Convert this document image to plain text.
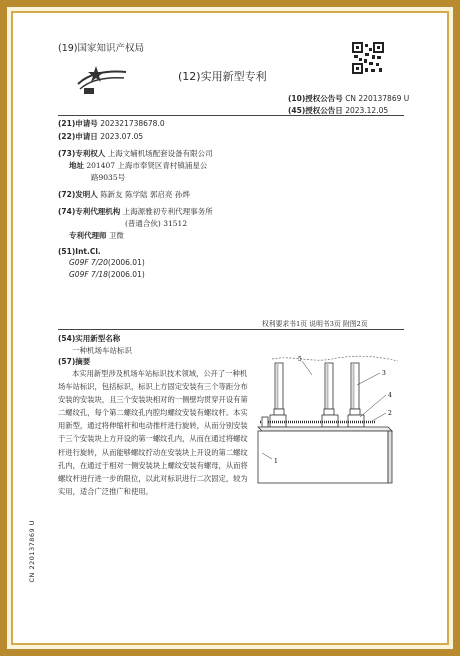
(19)国家知识产权局
(12)实用新型专利
(10)授权公告号 CN 220137869 U
(45)授权公告日 2023.12.05
(21)申请号 202321738678.0
(22)申请日 2023.07.05
(73)专利权人 上海文辅机场配套设备有限公司
地址 201407 上海市奉贤区青村镇浦星公
路9035号
(72)发明人 陈新友 陈学陆 郭启亮 孙烨
(74)专利代理机构 上海源雅初专利代理事务所
(普通合伙) 31512
专利代理师 卫微
(51)Int.Cl.
G09F 7/20(2006.01)
G09F 7/18(2006.01)
权利要求书1页 说明书3页 附图2页
(54)实用新型名称
一种机场车站标识
(57)摘要
本实用新型涉及机场车站标识技术领域，公开了一种机场车站标识，包括标识，标识上方固定安装有三个等距分布安装的安装块，且三个安装块相对的一侧壁均贯穿开设有第二螺纹孔，每个第二螺纹孔内腔均螺纹安装有螺纹杆。本实用新型，通过将伸缩杆和电动推杆进行旋转，从而分别安装于三个安装块上方开设的第一螺纹孔内，从而在通过将螺纹杆进行旋转，从而能够螺纹拧动在安装块上开设的第二螺纹孔内，在通过于相对一侧安装块上螺纹安装有螺母，从而将螺纹杆进行进一步的限位，以此对标识进行二次固定，较为实用，适合广泛推广和使用。
5
3
4
2
1
CN 220137869 U
